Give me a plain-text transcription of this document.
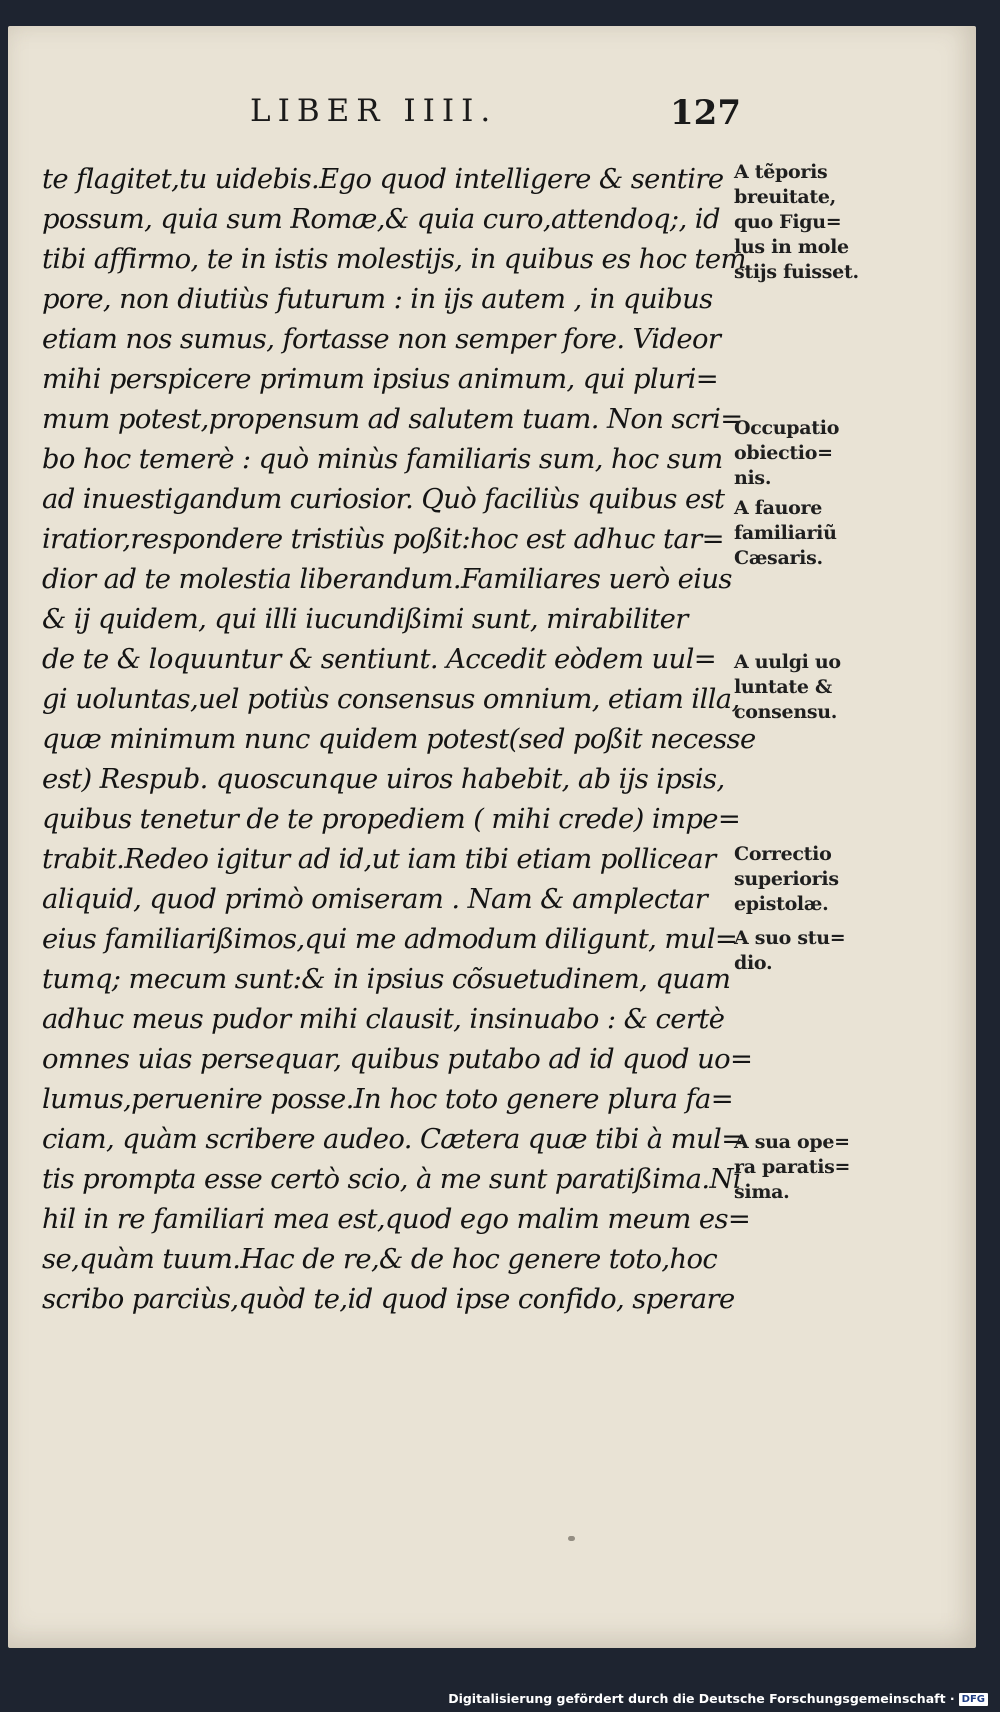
LIBER IIII.	127
te flagitet,tu uidebis.Ego quod intelligere & sentire
possum, quia sum Romæ,& quia curo,attendoq;, id
tibi affirmo, te in istis molestijs, in quibus es hoc tem
pore, non diutiùs futurum : in ijs autem , in quibus
etiam nos sumus, fortasse non semper fore. Videor
mihi perspicere primum ipsius animum, qui pluri=
mum potest,propensum ad salutem tuam. Non scri=
bo hoc temerè : quò minùs familiaris sum, hoc sum
ad inuestigandum curiosior. Quò faciliùs quibus est
iratior,respondere tristiùs poßit:hoc est adhuc tar=
dior ad te molestia liberandum.Familiares uerò eius
& ij quidem, qui illi iucundißimi sunt, mirabiliter
de te & loquuntur & sentiunt. Accedit eòdem uul=
gi uoluntas,uel potiùs consensus omnium, etiam illa,
quæ minimum nunc quidem potest(sed poßit necesse
est) Respub. quoscunque uiros habebit, ab ijs ipsis,
quibus tenetur de te propediem ( mihi crede) impe=
trabit.Redeo igitur ad id,ut iam tibi etiam pollicear
aliquid, quod primò omiseram . Nam & amplectar
eius familiarißimos,qui me admodum diligunt, mul=
tumq; mecum sunt:& in ipsius cõsuetudinem, quam
adhuc meus pudor mihi clausit, insinuabo : & certè
omnes uias persequar, quibus putabo ad id quod uo=
lumus,peruenire posse.In hoc toto genere plura fa=
ciam, quàm scribere audeo. Cætera quæ tibi à mul=
tis prompta esse certò scio, à me sunt paratißima.Ni
hil in re familiari mea est,quod ego malim meum es=
se,quàm tuum.Hac de re,& de hoc genere toto,hoc
scribo parciùs,quòd te,id quod ipse confido, sperare
A tẽporis
breuitate,
quo Figu=
lus in mole
stijs fuisset.
Occupatio
obiectio=
nis.
A fauore
familiariũ
Cæsaris.
A uulgi uo
luntate &
consensu.
Correctio
superioris
epistolæ.
A suo stu=
dio.
A sua ope=
ra paratis=
sima.
Digitalisierung gefördert durch die Deutsche Forschungsgemeinschaft · DFG
